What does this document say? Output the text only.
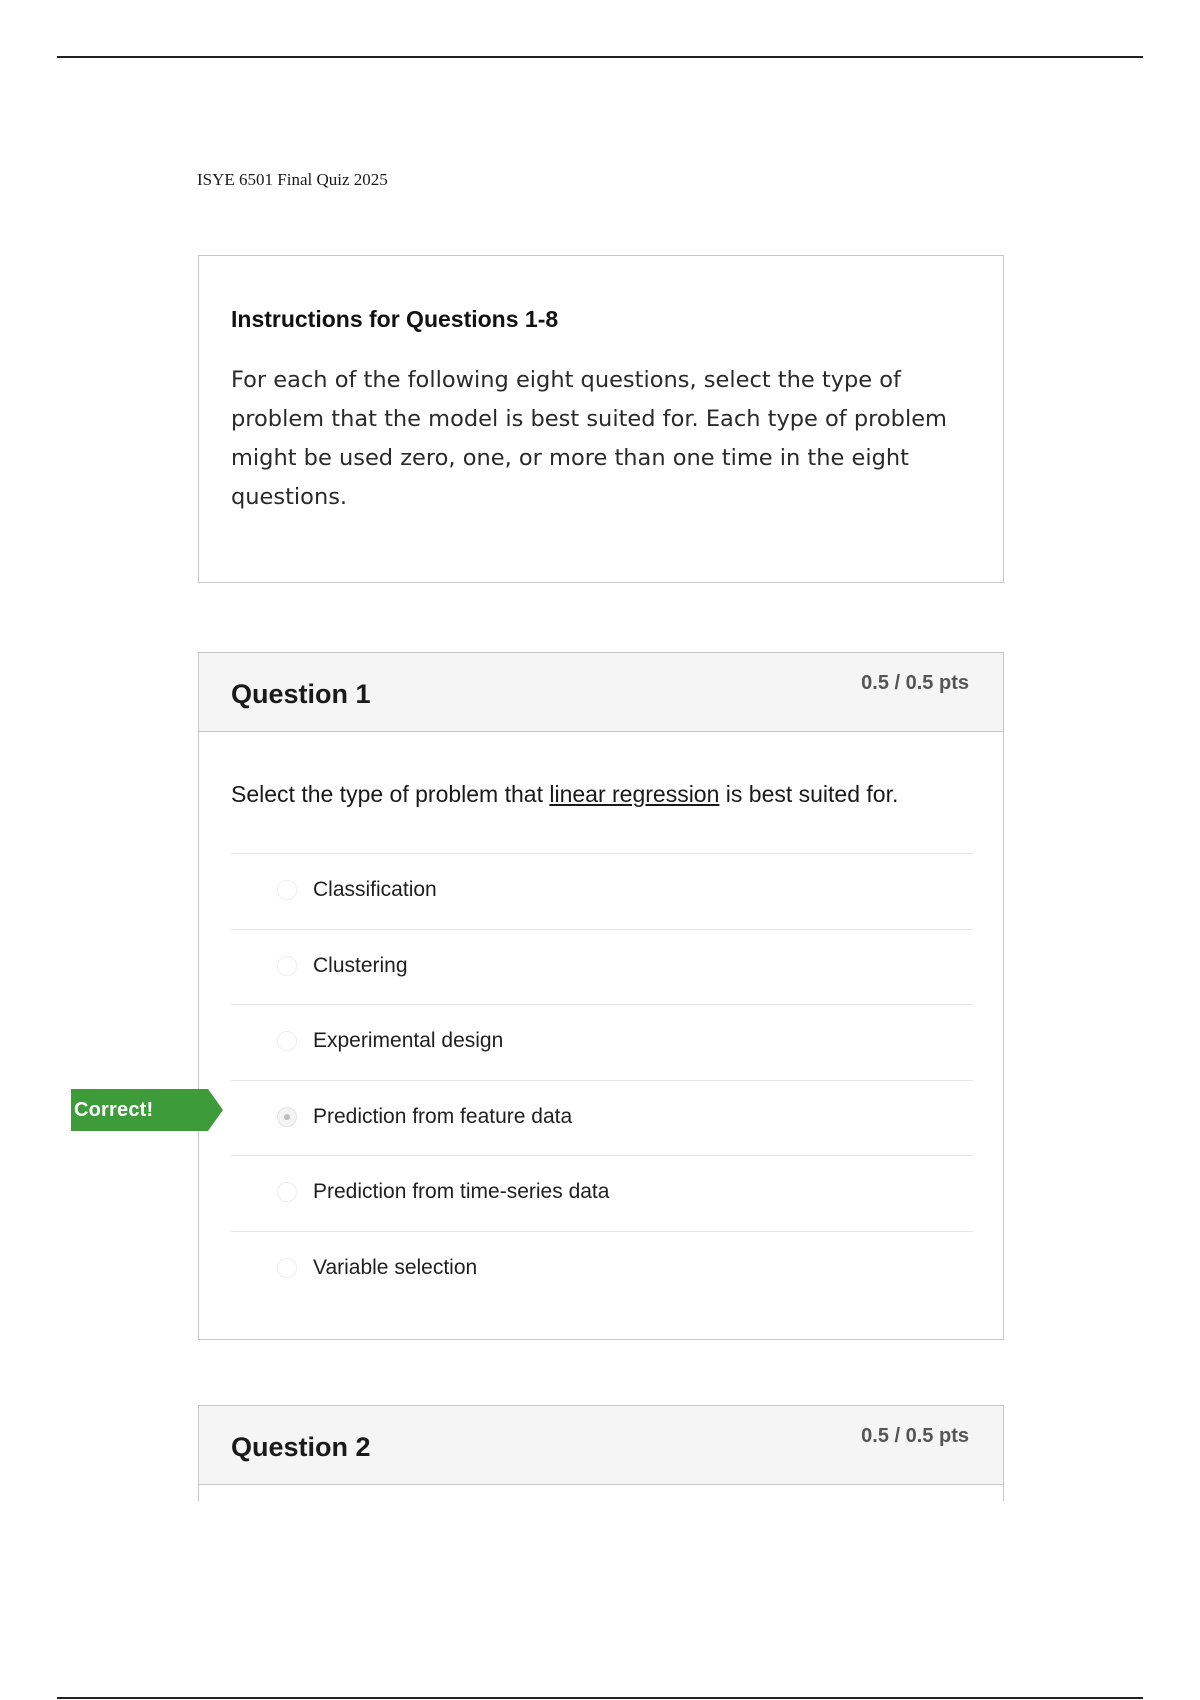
ISYE 6501 Final Quiz 2025
Instructions for Questions 1-8
For each of the following eight questions, select the type of problem that the model is best suited for. Each type of problem might be used zero, one, or more than one time in the eight questions.
Question 1	0.5 / 0.5 pts
Select the type of problem that linear regression is best suited for.
Classification
Clustering
Experimental design
Prediction from feature data
Prediction from time-series data
Variable selection
Correct!
Question 2	0.5 / 0.5 pts
